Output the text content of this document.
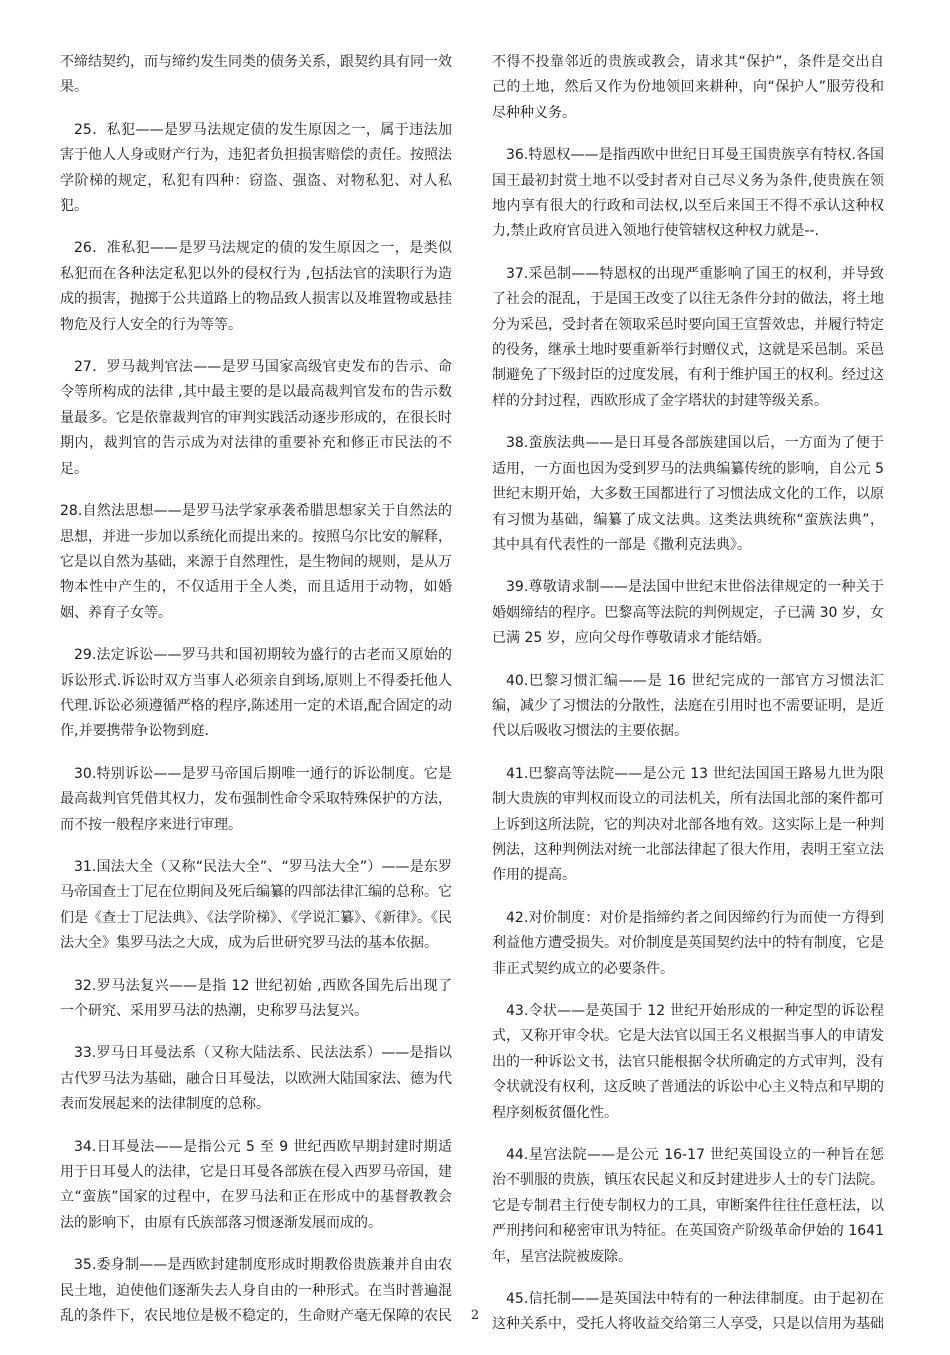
不缔结契约，而与缔约发生同类的债务关系，跟契约具有同一效果。

25．私犯——是罗马法规定债的发生原因之一，属于违法加害于他人人身或财产行为，违犯者负担损害赔偿的责任。按照法学阶梯的规定，私犯有四种：窃盗、强盗、对物私犯、对人私犯。

26．准私犯——是罗马法规定的债的发生原因之一，是类似私犯而在各种法定私犯以外的侵权行为 ,包括法官的渎职行为造成的损害，抛掷于公共道路上的物品致人损害以及堆置物或悬挂物危及行人安全的行为等等。

27．罗马裁判官法——是罗马国家高级官吏发布的告示、命令等所构成的法律 ,其中最主要的是以最高裁判官发布的告示数量最多。它是依靠裁判官的审判实践活动逐步形成的，在很长时期内，裁判官的告示成为对法律的重要补充和修正市民法的不足。

28.自然法思想——是罗马法学家承袭希腊思想家关于自然法的思想，并进一步加以系统化而提出来的。按照乌尔比安的解释，它是以自然为基础，来源于自然理性，是生物间的规则，是从万物本性中产生的，不仅适用于全人类，而且适用于动物，如婚姻、养育子女等。

29.法定诉讼——罗马共和国初期较为盛行的古老而又原始的诉讼形式.诉讼时双方当事人必须亲自到场,原则上不得委托他人代理.诉讼必须遵循严格的程序,陈述用一定的术语,配合固定的动作,并要携带争讼物到庭.

30.特别诉讼——是罗马帝国后期唯一通行的诉讼制度。它是最高裁判官凭借其权力，发布强制性命令采取特殊保护的方法，而不按一般程序来进行审理。

31.国法大全（又称“民法大全”、“罗马法大全”）——是东罗马帝国查士丁尼在位期间及死后编纂的四部法律汇编的总称。它们是《查士丁尼法典》、《法学阶梯》、《学说汇纂》、《新律》。《民法大全》集罗马法之大成，成为后世研究罗马法的基本依据。

32.罗马法复兴——是指 12 世纪初始 ,西欧各国先后出现了一个研究、采用罗马法的热潮，史称罗马法复兴。

33.罗马日耳曼法系（又称大陆法系、民法法系）——是指以古代罗马法为基础，融合日耳曼法，以欧洲大陆国家法、德为代表而发展起来的法律制度的总称。

34.日耳曼法——是指公元 5 至 9 世纪西欧早期封建时期适用于日耳曼人的法律，它是日耳曼各部族在侵入西罗马帝国，建立“蛮族”国家的过程中，在罗马法和正在形成中的基督教教会法的影响下，由原有氏族部落习惯逐渐发展而成的。

35.委身制——是西欧封建制度形成时期教俗贵族兼并自由农民土地，迫使他们逐渐失去人身自由的一种形式。在当时普遍混乱的条件下，农民地位是极不稳定的，生命财产毫无保障的农民

不得不投靠邻近的贵族或教会，请求其“保护”，条件是交出自己的土地，然后又作为份地领回来耕种，向“保护人”服劳役和尽种种义务。

36.特恩权——是指西欧中世纪日耳曼王国贵族享有特权.各国国王最初封赏土地不以受封者对自己尽义务为条件,使贵族在领地内享有很大的行政和司法权,以至后来国王不得不承认这种权力,禁止政府官员进入领地行使管辖权这种权力就是--.

37.采邑制——特恩权的出现严重影响了国王的权利，并导致了社会的混乱，于是国王改变了以往无条件分封的做法，将土地分为采邑，受封者在领取采邑时要向国王宣誓效忠，并履行特定的役务，继承土地时要重新举行封赠仪式，这就是采邑制。采邑制避免了下级封臣的过度发展，有利于维护国王的权利。经过这样的分封过程，西欧形成了金字塔状的封建等级关系。

38.蛮族法典——是日耳曼各部族建国以后，一方面为了便于适用，一方面也因为受到罗马的法典编纂传统的影响，自公元 5 世纪末期开始，大多数王国都进行了习惯法成文化的工作，以原有习惯为基础，编纂了成文法典。这类法典统称“蛮族法典”，其中具有代表性的一部是《撒利克法典》。

39.尊敬请求制——是法国中世纪末世俗法律规定的一种关于婚姻缔结的程序。巴黎高等法院的判例规定，子已满 30 岁，女已满 25 岁，应向父母作尊敬请求才能结婚。

40.巴黎习惯汇编——是 16 世纪完成的一部官方习惯法汇编，减少了习惯法的分散性，法庭在引用时也不需要证明，是近代以后吸收习惯法的主要依据。

41.巴黎高等法院——是公元 13 世纪法国国王路易九世为限制大贵族的审判权而设立的司法机关，所有法国北部的案件都可上诉到这所法院，它的判决对北部各地有效。这实际上是一种判例法，这种判例法对统一北部法律起了很大作用，表明王室立法作用的提高。

42.对价制度：对价是指缔约者之间因缔约行为而使一方得到利益他方遭受损失。对价制度是英国契约法中的特有制度，它是非正式契约成立的必要条件。

43.令状——是英国于 12 世纪开始形成的一种定型的诉讼程式，又称开审令状。它是大法官以国王名义根据当事人的申请发出的一种诉讼文书，法官只能根据令状所确定的方式审判，没有令状就没有权利，这反映了普通法的诉讼中心主义特点和早期的程序刻板贫僵化性。

44.星宫法院——是公元 16-17 世纪英国设立的一种旨在惩治不驯服的贵族，镇压农民起义和反封建进步人士的专门法院。它是专制君主行使专制权力的工具，审断案件往往任意枉法，以严刑拷问和秘密审讯为特征。在英国资产阶级革命伊始的 1641 年，星宫法院被废除。

45.信托制——是英国法中特有的一种法律制度。由于起初在这种关系中，受托人将收益交给第三人享受，只是以信用为基础

2
